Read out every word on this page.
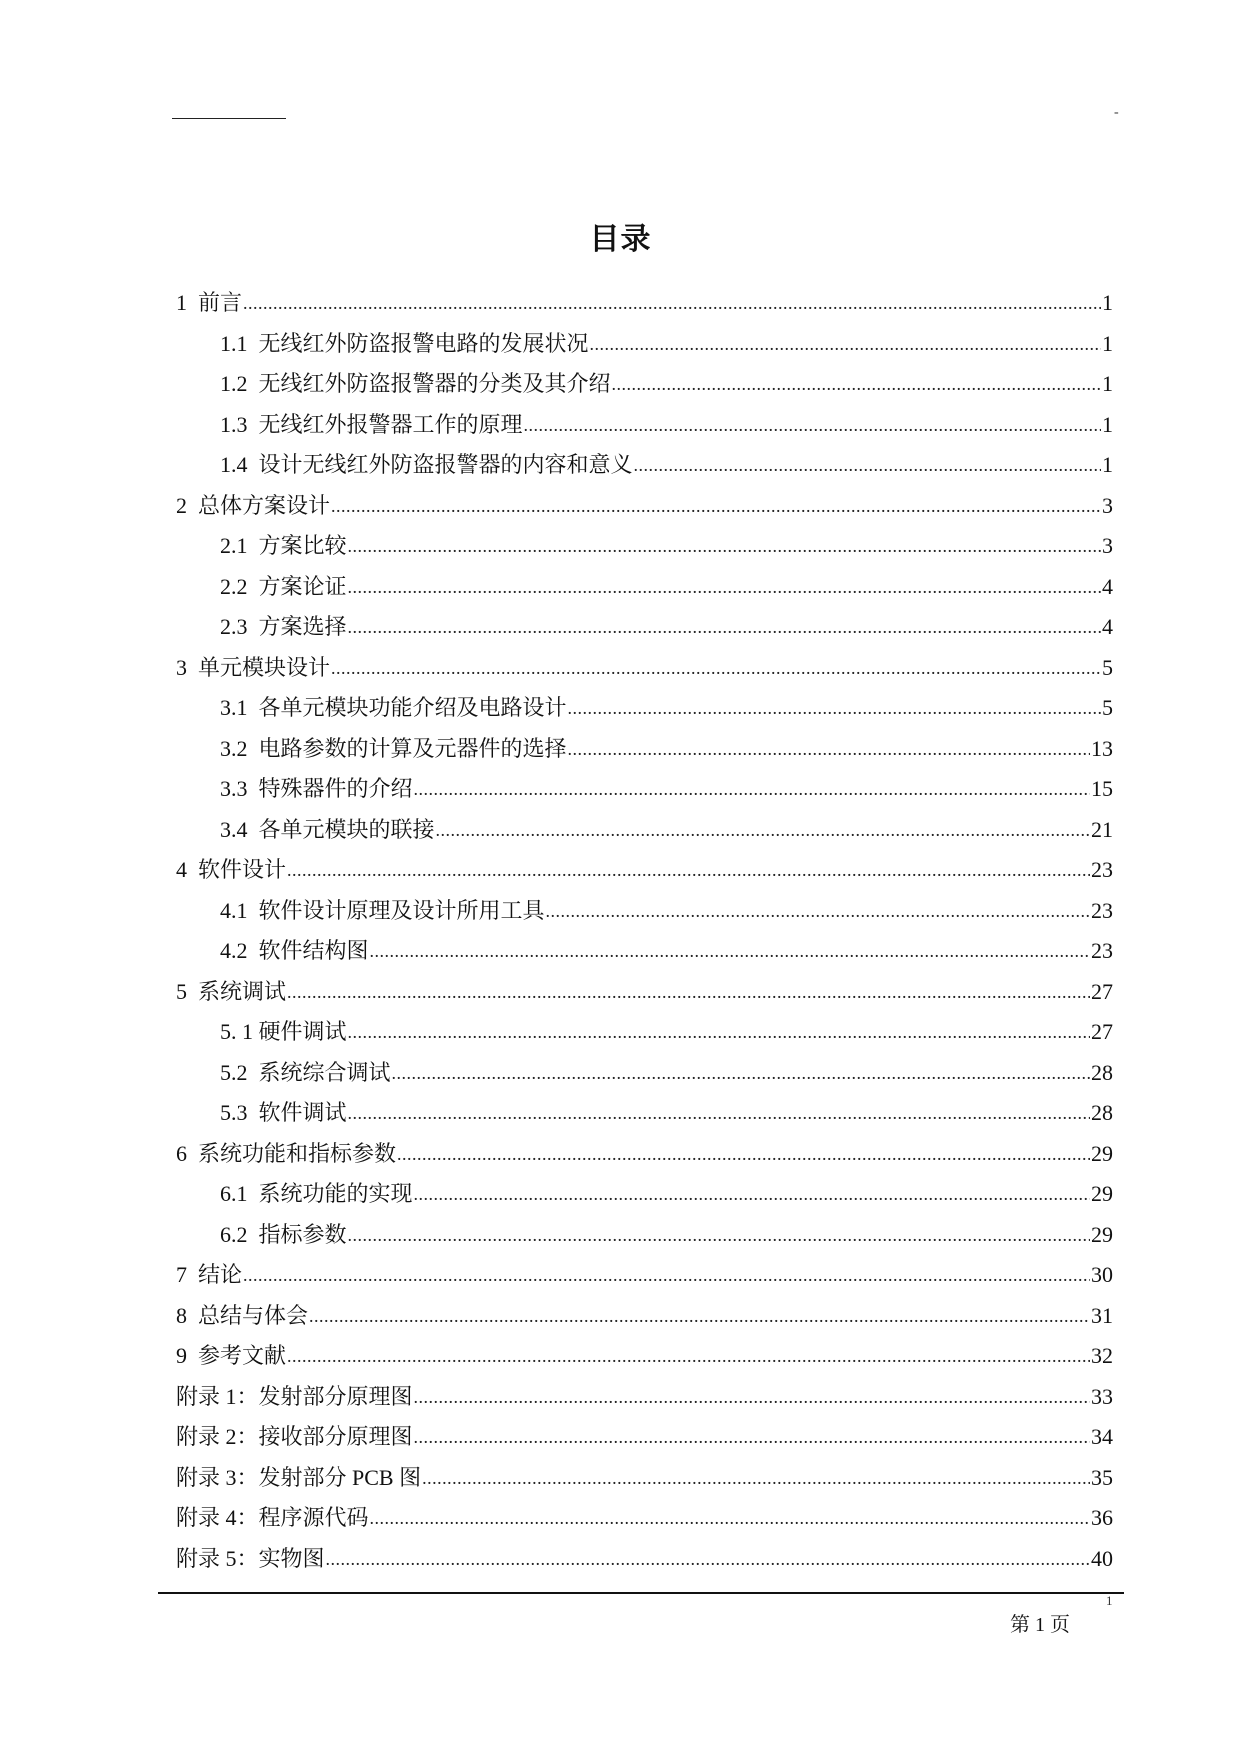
-
目录
1  前言 .....	1
1.1  无线红外防盗报警电路的发展状况 .....	1
1.2  无线红外防盗报警器的分类及其介绍 .....	1
1.3  无线红外报警器工作的原理 .....	1
1.4  设计无线红外防盗报警器的内容和意义 .....	1
2  总体方案设计 .....	3
2.1  方案比较 .....	3
2.2  方案论证 .....	4
2.3  方案选择 .....	4
3  单元模块设计 .....	5
3.1  各单元模块功能介绍及电路设计 .....	5
3.2  电路参数的计算及元器件的选择 .....	13
3.3  特殊器件的介绍 .....	15
3.4  各单元模块的联接 .....	21
4  软件设计 .....	23
4.1  软件设计原理及设计所用工具 .....	23
4.2  软件结构图 .....	23
5  系统调试 .....	27
5. 1 硬件调试 .....	27
5.2  系统综合调试 .....	28
5.3  软件调试 .....	28
6  系统功能和指标参数 .....	29
6.1  系统功能的实现 .....	29
6.2  指标参数 .....	29
7  结论 .....	30
8  总结与体会 .....	31
9  参考文献 .....	32
附录 1：发射部分原理图 .....	33
附录 2：接收部分原理图 .....	34
附录 3：发射部分 PCB 图 .....	35
附录 4：程序源代码 .....	36
附录 5：实物图 .....	40
1
第 1 页
